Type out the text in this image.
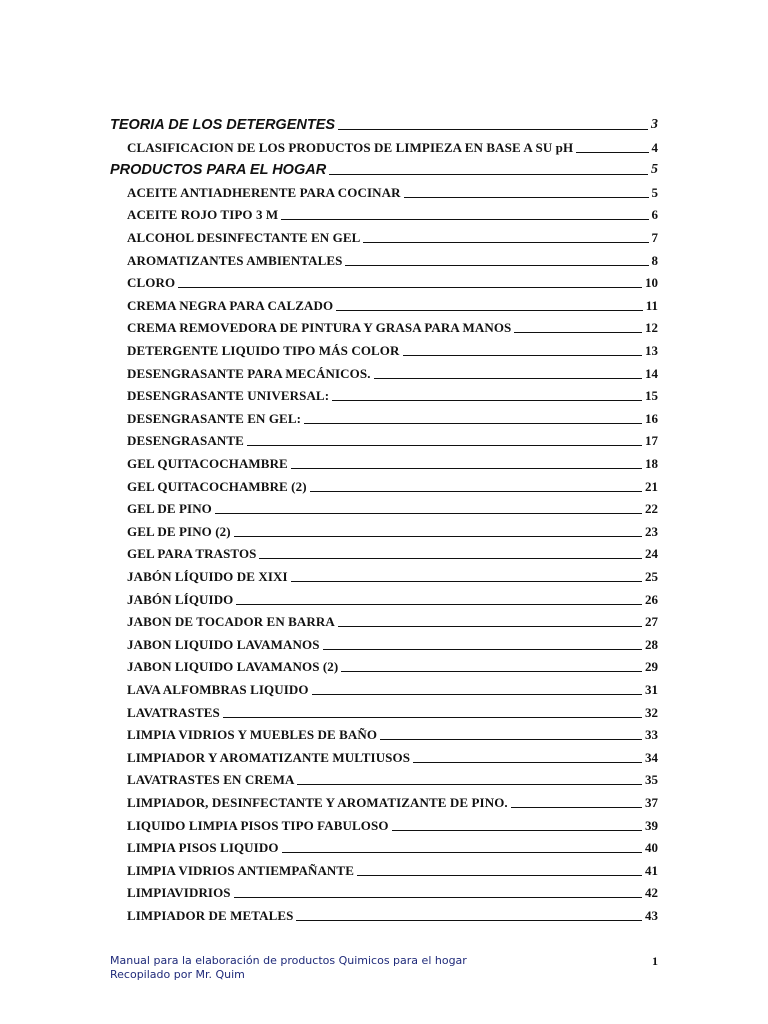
TEORIA DE LOS DETERGENTES	3
CLASIFICACION DE LOS PRODUCTOS DE LIMPIEZA EN BASE A SU pH	4
PRODUCTOS PARA EL HOGAR	5
ACEITE ANTIADHERENTE PARA COCINAR	5
ACEITE ROJO TIPO 3 M	6
ALCOHOL DESINFECTANTE EN GEL	7
AROMATIZANTES AMBIENTALES	8
CLORO	10
CREMA NEGRA PARA CALZADO	11
CREMA REMOVEDORA DE PINTURA Y GRASA PARA MANOS	12
DETERGENTE LIQUIDO TIPO MÁS COLOR	13
DESENGRASANTE PARA MECÁNICOS.	14
DESENGRASANTE UNIVERSAL:	15
DESENGRASANTE EN GEL:	16
DESENGRASANTE	17
GEL QUITACOCHAMBRE	18
GEL QUITACOCHAMBRE (2)	21
GEL DE PINO	22
GEL DE PINO (2)	23
GEL PARA TRASTOS	24
JABÓN LÍQUIDO DE XIXI	25
JABÓN LÍQUIDO	26
JABON DE TOCADOR EN BARRA	27
JABON LIQUIDO LAVAMANOS	28
JABON LIQUIDO LAVAMANOS (2)	29
LAVA ALFOMBRAS LIQUIDO	31
LAVATRASTES	32
LIMPIA VIDRIOS Y MUEBLES DE BAÑO	33
LIMPIADOR Y AROMATIZANTE MULTIUSOS	34
LAVATRASTES EN CREMA	35
LIMPIADOR, DESINFECTANTE Y AROMATIZANTE DE PINO.	37
LIQUIDO LIMPIA PISOS TIPO FABULOSO	39
LIMPIA PISOS LIQUIDO	40
LIMPIA VIDRIOS ANTIEMPAÑANTE	41
LIMPIAVIDRIOS	42
LIMPIADOR DE METALES	43
Manual para la elaboración de productos Quimicos para el hogar
Recopilado por Mr. Quim
1
